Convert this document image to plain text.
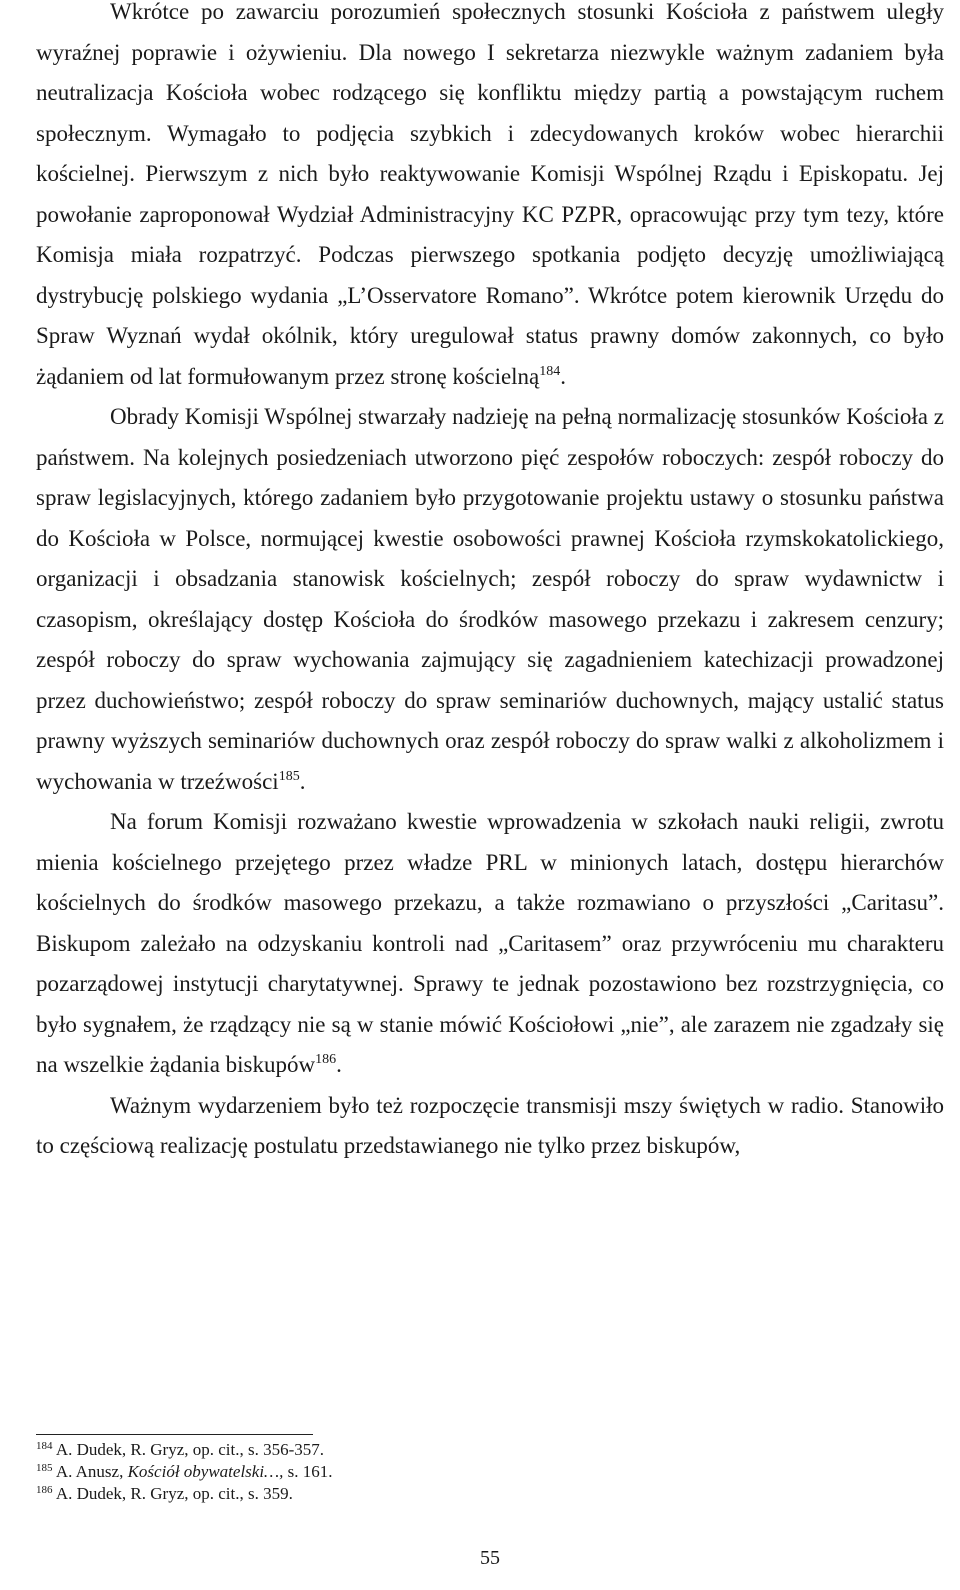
Wkrótce po zawarciu porozumień społecznych stosunki Kościoła z państwem uległy wyraźnej poprawie i ożywieniu. Dla nowego I sekretarza niezwykle ważnym zadaniem była neutralizacja Kościoła wobec rodzącego się konfliktu między partią a powstającym ruchem społecznym. Wymagało to podjęcia szybkich i zdecydowanych kroków wobec hierarchii kościelnej. Pierwszym z nich było reaktywowanie Komisji Wspólnej Rządu i Episkopatu. Jej powołanie zaproponował Wydział Administracyjny KC PZPR, opracowując przy tym tezy, które Komisja miała rozpatrzyć. Podczas pierwszego spotkania podjęto decyzję umożliwiającą dystrybucję polskiego wydania „L’Osservatore Romano”. Wkrótce potem kierownik Urzędu do Spraw Wyznań wydał okólnik, który uregulował status prawny domów zakonnych, co było żądaniem od lat formułowanym przez stronę kościelną$^{184}$.

Obrady Komisji Wspólnej stwarzały nadzieję na pełną normalizację stosunków Kościoła z państwem. Na kolejnych posiedzeniach utworzono pięć zespołów roboczych: zespół roboczy do spraw legislacyjnych, którego zadaniem było przygotowanie projektu ustawy o stosunku państwa do Kościoła w Polsce, normującej kwestie osobowości prawnej Kościoła rzymskokatolickiego, organizacji i obsadzania stanowisk kościelnych; zespół roboczy do spraw wydawnictw i czasopism, określający dostęp Kościoła do środków masowego przekazu i zakresem cenzury; zespół roboczy do spraw wychowania zajmujący się zagadnieniem katechizacji prowadzonej przez duchowieństwo; zespół roboczy do spraw seminariów duchownych, mający ustalić status prawny wyższych seminariów duchownych oraz zespół roboczy do spraw walki z alkoholizmem i wychowania w trzeźwości$^{185}$.

Na forum Komisji rozważano kwestie wprowadzenia w szkołach nauki religii, zwrotu mienia kościelnego przejętego przez władze PRL w minionych latach, dostępu hierarchów kościelnych do środków masowego przekazu, a także rozmawiano o przyszłości „Caritasu”. Biskupom zależało na odzyskaniu kontroli nad „Caritasem” oraz przywróceniu mu charakteru pozarządowej instytucji charytatywnej. Sprawy te jednak pozostawiono bez rozstrzygnięcia, co było sygnałem, że rządzący nie są w stanie mówić Kościołowi „nie”, ale zarazem nie zgadzały się na wszelkie żądania biskupów$^{186}$.

Ważnym wydarzeniem było też rozpoczęcie transmisji mszy świętych w radio. Stanowiło to częściową realizację postulatu przedstawianego nie tylko przez biskupów,

$^{184}$ A. Dudek, R. Gryz, op. cit., s. 356-357.

$^{185}$ A. Anusz, Kościół obywatelski…, s. 161.

$^{186}$ A. Dudek, R. Gryz, op. cit., s. 359.

55
